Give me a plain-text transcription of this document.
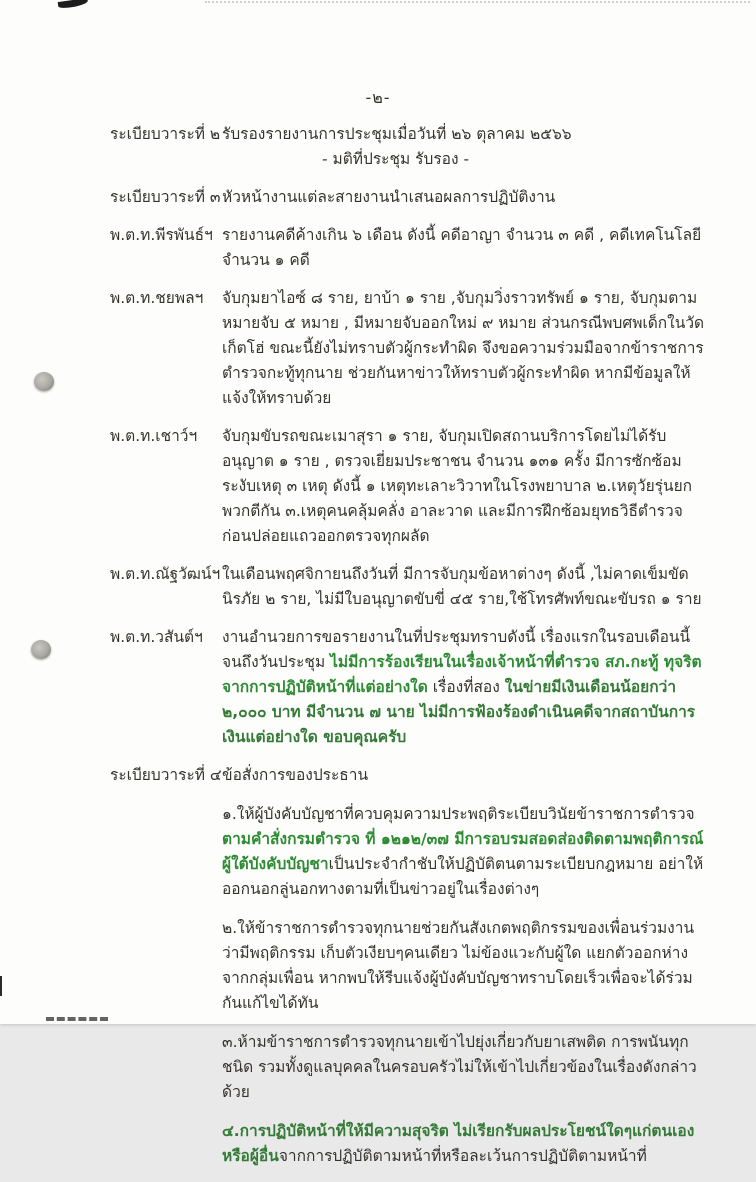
-๒-
ระเบียบวาระที่ ๒ รับรองรายงานการประชุมเมื่อวันที่ ๒๖ ตุลาคม ๒๕๖๖
- มติที่ประชุม รับรอง -
ระเบียบวาระที่ ๓ หัวหน้างานแต่ละสายงานนำเสนอผลการปฏิบัติงาน
พ.ต.ท.พีรพันธ์ฯ รายงานคดีค้างเกิน ๖ เดือน ดังนี้ คดีอาญา จำนวน ๓ คดี , คดีเทคโนโลยี จำนวน ๑ คดี
พ.ต.ท.ชยพลฯ	จับกุมยาไอซ์ ๘ ราย, ยาบ้า ๑ ราย ,จับกุมวิ่งราวทรัพย์ ๑ ราย, จับกุมตามหมายจับ ๕ หมาย , มีหมายจับออกใหม่ ๙ หมาย ส่วนกรณีพบศพเด็กในวัดเก็ตโฮ่ ขณะนี้ยังไม่ทราบตัวผู้กระทำผิด จึงขอความร่วมมือจากข้าราชการตำรวจกะทู้ทุกนาย ช่วยกันหาข่าวให้ทราบตัวผู้กระทำผิด หากมีข้อมูลให้แจ้งให้ทราบด้วย
พ.ต.ท.เชาว์ฯ	จับกุมขับรถขณะเมาสุรา ๑ ราย, จับกุมเปิดสถานบริการโดยไม่ได้รับอนุญาต ๑ ราย , ตรวจเยี่ยมประชาชน จำนวน ๑๓๑ ครั้ง มีการซักซ้อมระงับเหตุ ๓ เหตุ ดังนี้ ๑ เหตุทะเลาะวิวาทในโรงพยาบาล ๒.เหตุวัยรุ่นยกพวกตีกัน ๓.เหตุคนคลุ้มคลั่ง อาละวาด และมีการฝึกซ้อมยุทธวิธีตำรวจก่อนปล่อยแถวออกตรวจทุกผลัด
พ.ต.ท.ณัฐวัฒน์ฯ ในเดือนพฤศจิกายนถึงวันที่ มีการจับกุมข้อหาต่างๆ ดังนี้ ,ไม่คาดเข็มขัดนิรภัย ๒ ราย, ไม่มีใบอนุญาตขับขี่ ๔๕ ราย,ใช้โทรศัพท์ขณะขับรถ ๑ ราย
พ.ต.ท.วสันต์ฯ	งานอำนวยการขอรายงานในที่ประชุมทราบดังนี้ เรื่องแรกในรอบเดือนนี้จนถึงวันประชุม ไม่มีการร้องเรียนในเรื่องเจ้าหน้าที่ตำรวจ สภ.กะทู้ ทุจริตจากการปฏิบัติหน้าที่แต่อย่างใด เรื่องที่สอง ในข่ายมีเงินเดือนน้อยกว่า ๒,๐๐๐ บาท มีจำนวน ๗ นาย ไม่มีการฟ้องร้องดำเนินคดีจากสถาบันการเงินแต่อย่างใด ขอบคุณครับ
ระเบียบวาระที่ ๔ ข้อสั่งการของประธาน
๑.ให้ผู้บังคับบัญชาที่ควบคุมความประพฤติระเบียบวินัยข้าราชการตำรวจ ตามคำสั่งกรมตำรวจ ที่ ๑๒๑๒/๓๗ มีการอบรมสอดส่องติดตามพฤติการณ์ผู้ใต้บังคับบัญชาเป็นประจำกำชับให้ปฏิบัติตนตามระเบียบกฎหมาย อย่าให้ออกนอกลู่นอกทางตามที่เป็นข่าวอยู่ในเรื่องต่างๆ
๒.ให้ข้าราชการตำรวจทุกนายช่วยกันสังเกตพฤติกรรมของเพื่อนร่วมงานว่ามีพฤติกรรม เก็บตัวเงียบๆคนเดียว ไม่ข้องแวะกับผู้ใด แยกตัวออกห่างจากกลุ่มเพื่อน หากพบให้รีบแจ้งผู้บังคับบัญชาทราบโดยเร็วเพื่อจะได้ร่วมกันแก้ไขได้ทัน
๓.ห้ามข้าราชการตำรวจทุกนายเข้าไปยุ่งเกี่ยวกับยาเสพติด การพนันทุกชนิด รวมทั้งดูแลบุคคลในครอบครัวไม่ให้เข้าไปเกี่ยวข้องในเรื่องดังกล่าวด้วย
๔.การปฏิบัติหน้าที่ให้มีความสุจริต ไม่เรียกรับผลประโยชน์ใดๆแก่ตนเองหรือผู้อื่นจากการปฏิบัติตามหน้าที่หรือละเว้นการปฏิบัติตามหน้าที่
